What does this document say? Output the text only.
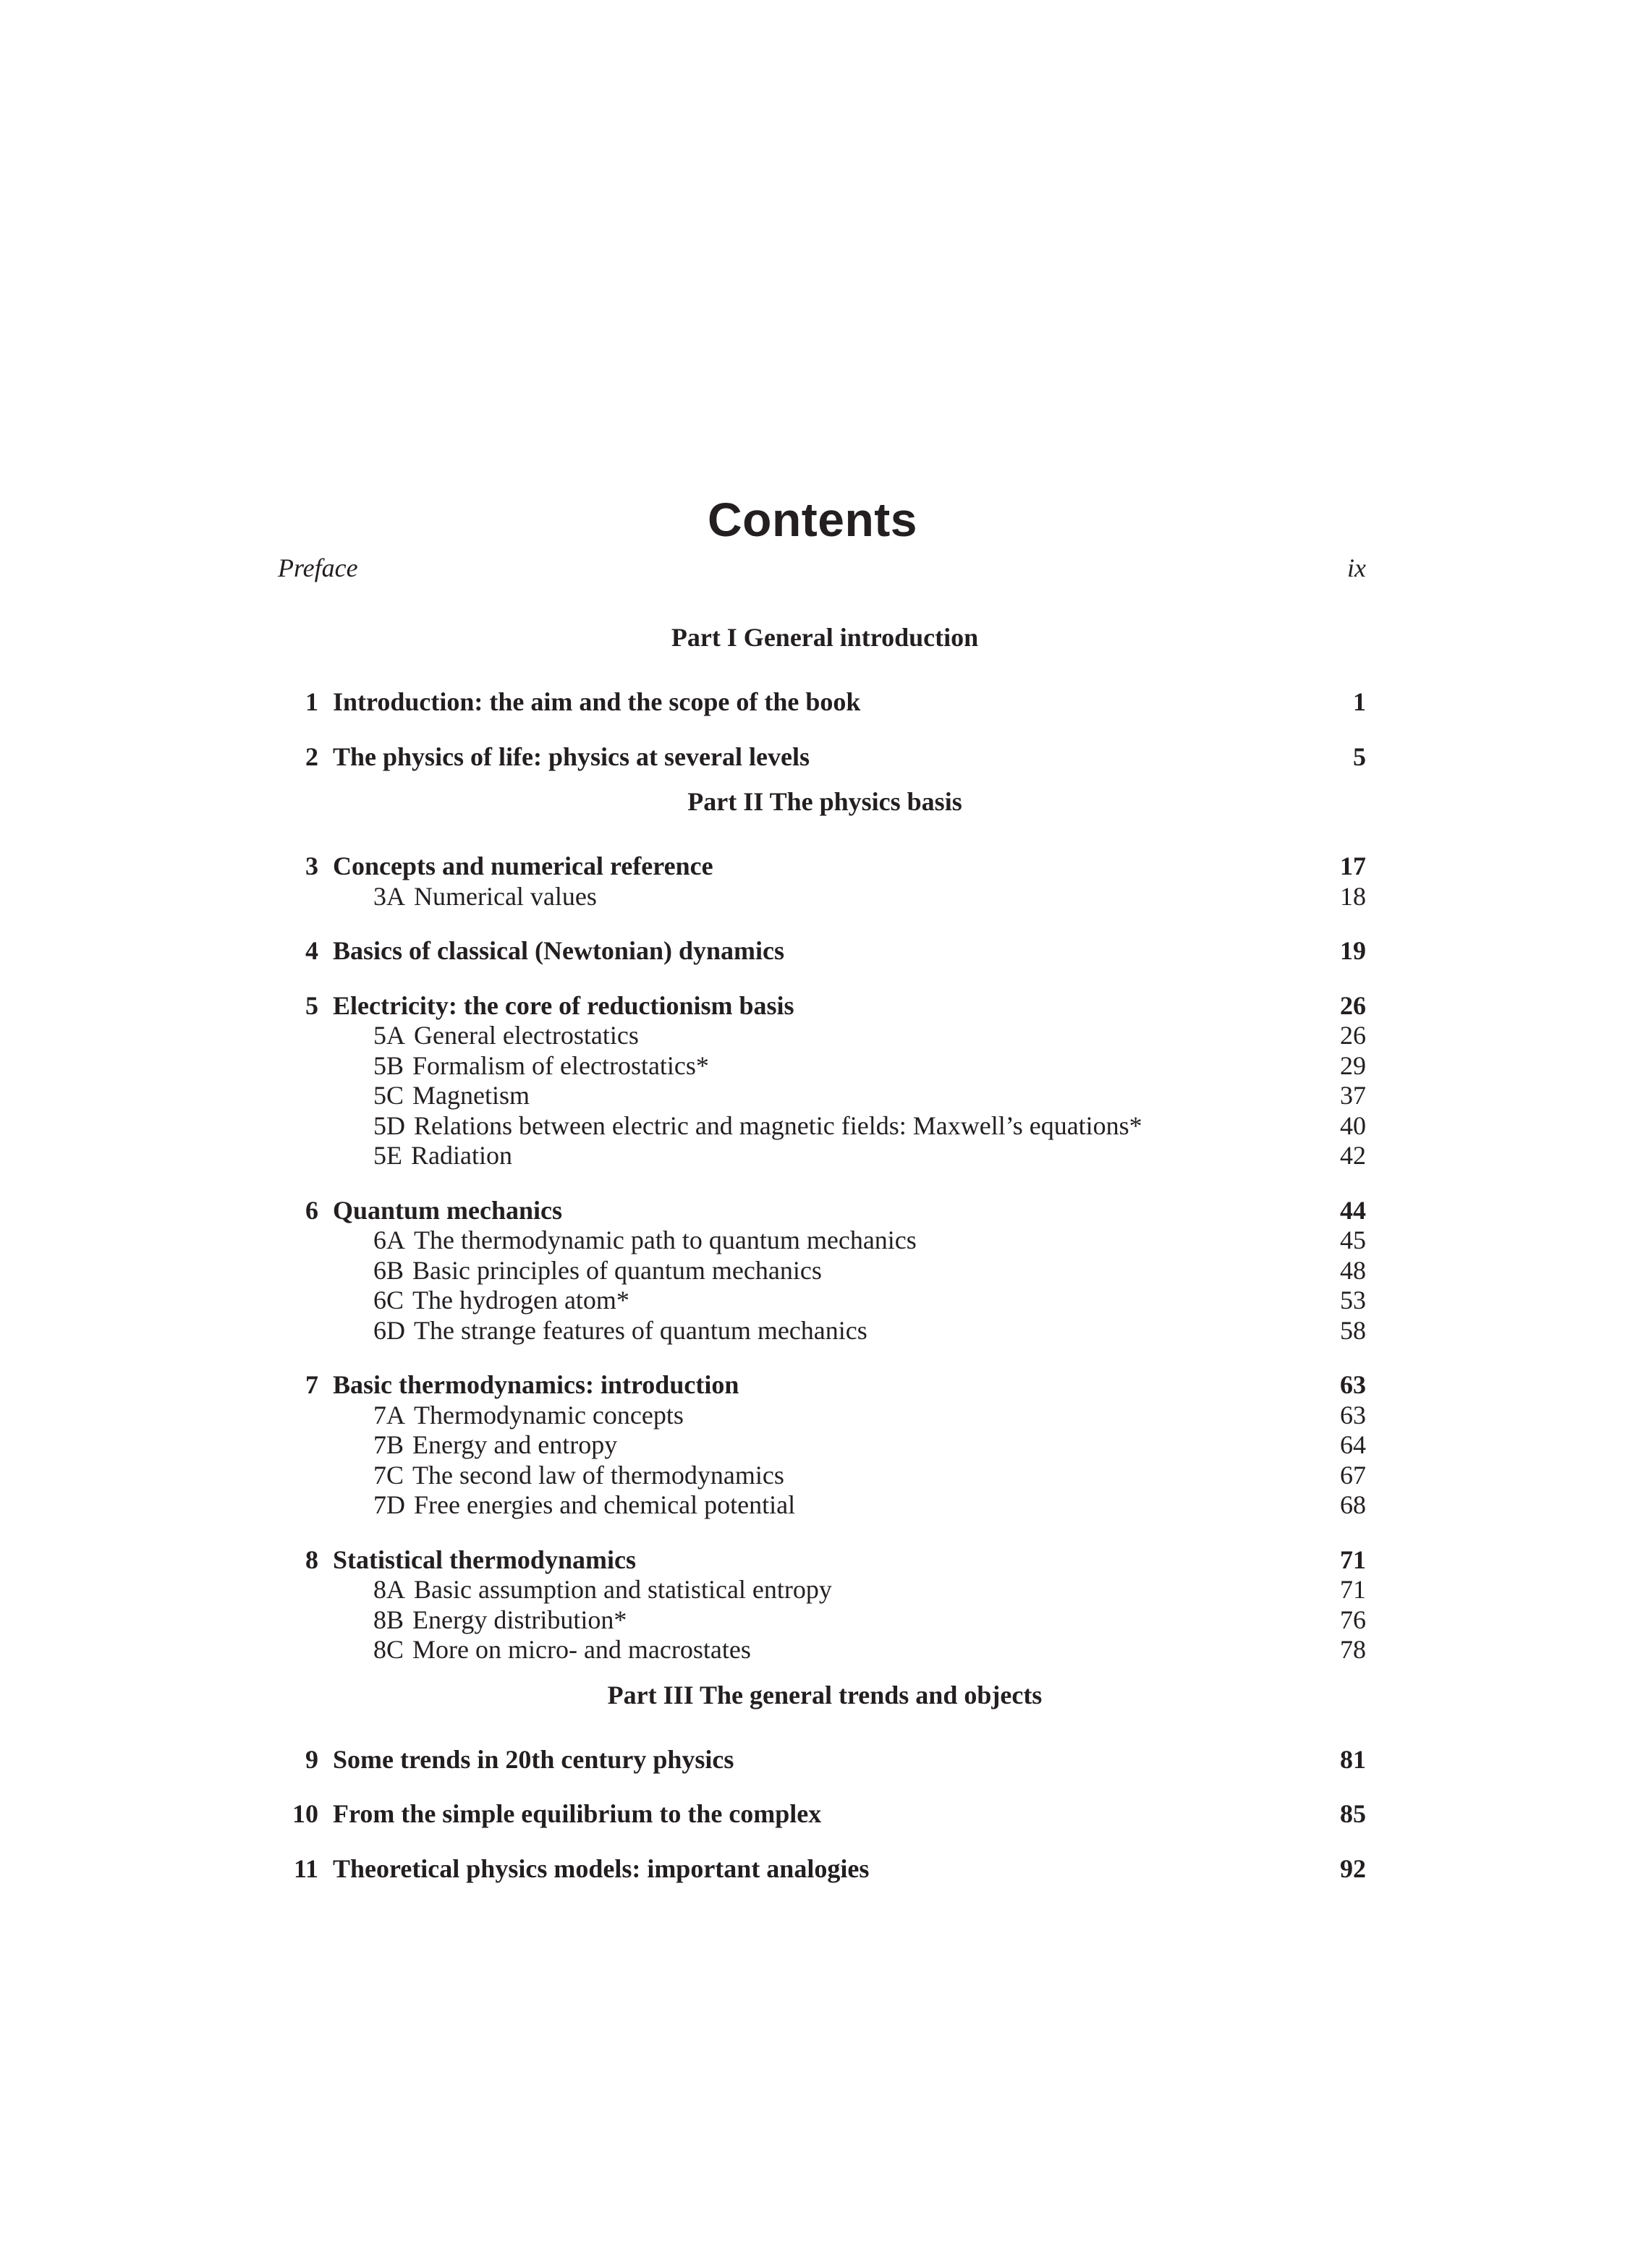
Contents
Preface	ix
Part I General introduction
1 Introduction: the aim and the scope of the book	1
2 The physics of life: physics at several levels	5
Part II The physics basis
3 Concepts and numerical reference	17
3A Numerical values	18
4 Basics of classical (Newtonian) dynamics	19
5 Electricity: the core of reductionism basis	26
5A General electrostatics	26
5B Formalism of electrostatics*	29
5C Magnetism	37
5D Relations between electric and magnetic fields: Maxwell’s equations*	40
5E Radiation	42
6 Quantum mechanics	44
6A The thermodynamic path to quantum mechanics	45
6B Basic principles of quantum mechanics	48
6C The hydrogen atom*	53
6D The strange features of quantum mechanics	58
7 Basic thermodynamics: introduction	63
7A Thermodynamic concepts	63
7B Energy and entropy	64
7C The second law of thermodynamics	67
7D Free energies and chemical potential	68
8 Statistical thermodynamics	71
8A Basic assumption and statistical entropy	71
8B Energy distribution*	76
8C More on micro- and macrostates	78
Part III The general trends and objects
9 Some trends in 20th century physics	81
10 From the simple equilibrium to the complex	85
11 Theoretical physics models: important analogies	92
